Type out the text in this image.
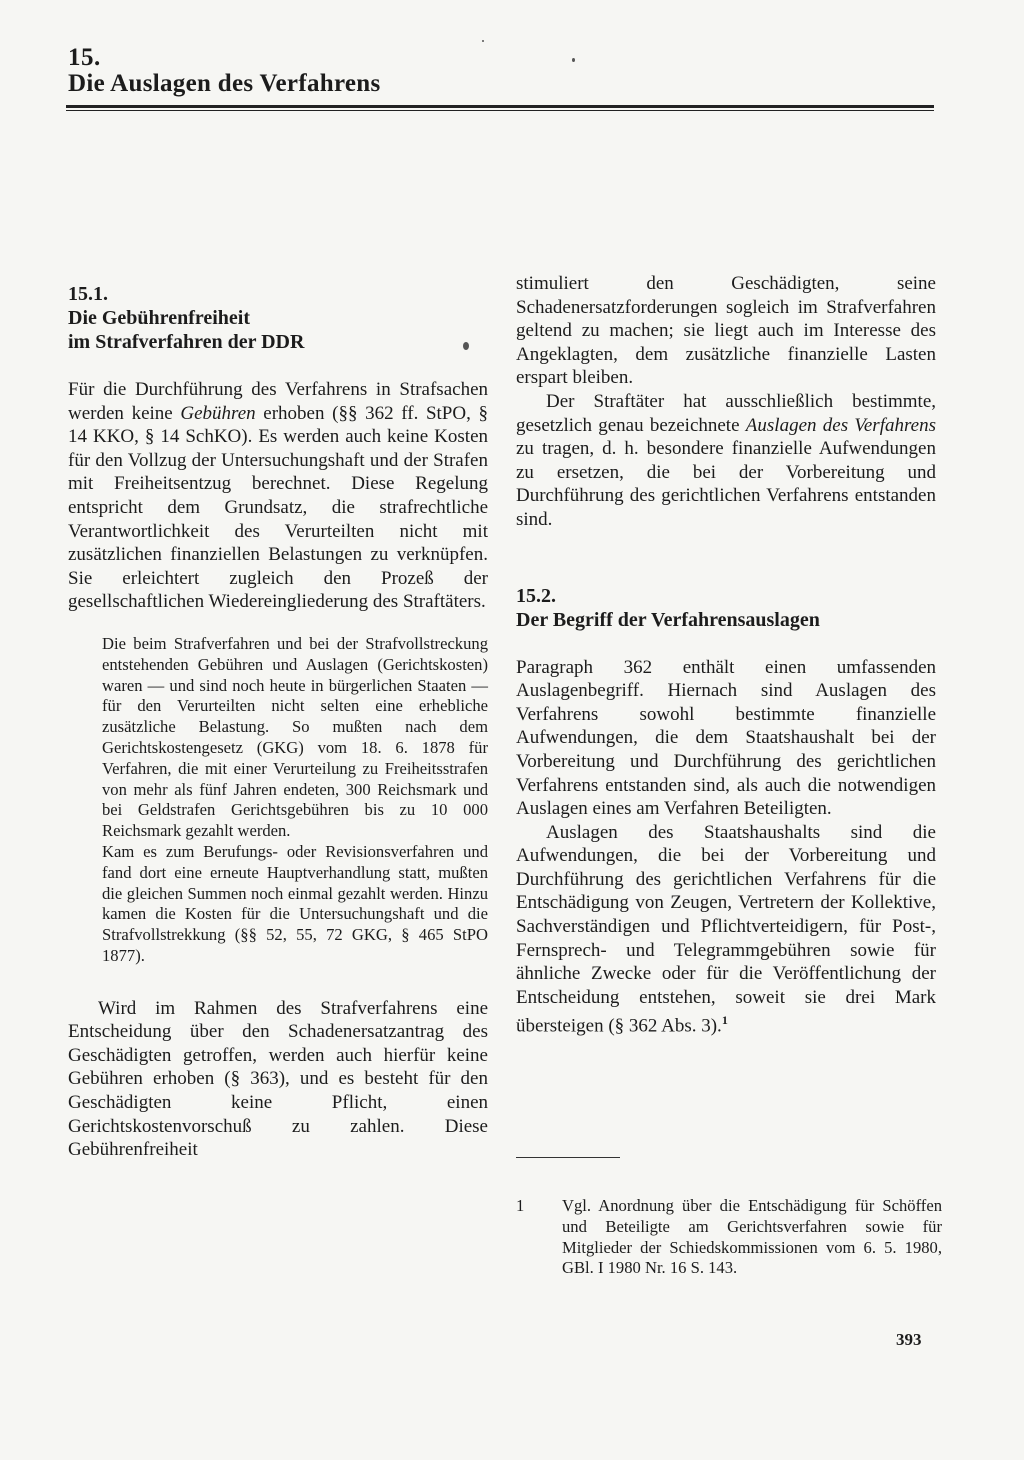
15.
Die Auslagen des Verfahrens

15.1.

Die Gebührenfreiheit

im Strafverfahren der DDR

Für die Durchführung des Verfahrens in Strafsachen werden keine Gebühren erhoben (§§ 362 ff. StPO, § 14 KKO, § 14 SchKO). Es werden auch keine Kosten für den Vollzug der Untersuchungshaft und der Strafen mit Freiheitsentzug berechnet. Diese Regelung entspricht dem Grundsatz, die strafrechtliche Verantwortlichkeit des Verurteilten nicht mit zusätzlichen finanziellen Belastungen zu verknüpfen. Sie erleichtert zugleich den Prozeß der gesellschaftlichen Wiedereingliederung des Straftäters.

Die beim Strafverfahren und bei der Strafvollstreckung entstehenden Gebühren und Auslagen (Gerichtskosten) waren — und sind noch heute in bürgerlichen Staaten — für den Verurteilten nicht selten eine erhebliche zusätzliche Belastung. So mußten nach dem Gerichtskostengesetz (GKG) vom 18. 6. 1878 für Verfahren, die mit einer Verurteilung zu Freiheitsstrafen von mehr als fünf Jahren endeten, 300 Reichsmark und bei Geldstrafen Gerichtsgebühren bis zu 10 000 Reichsmark gezahlt werden.

Kam es zum Berufungs- oder Revisionsverfahren und fand dort eine erneute Hauptverhandlung statt, mußten die gleichen Summen noch einmal gezahlt werden. Hinzu kamen die Kosten für die Untersuchungshaft und die Strafvollstrekkung (§§ 52, 55, 72 GKG, § 465 StPO 1877).

Wird im Rahmen des Strafverfahrens eine Entscheidung über den Schadenersatzantrag des Geschädigten getroffen, werden auch hierfür keine Gebühren erhoben (§ 363), und es besteht für den Geschädigten keine Pflicht, einen Gerichtskostenvorschuß zu zahlen. Diese Gebührenfreiheit

stimuliert den Geschädigten, seine Schadenersatzforderungen sogleich im Strafverfahren geltend zu machen; sie liegt auch im Interesse des Angeklagten, dem zusätzliche finanzielle Lasten erspart bleiben.

Der Straftäter hat ausschließlich bestimmte, gesetzlich genau bezeichnete Auslagen des Verfahrens zu tragen, d. h. besondere finanzielle Aufwendungen zu ersetzen, die bei der Vorbereitung und Durchführung des gerichtlichen Verfahrens entstanden sind.

15.2.

Der Begriff der Verfahrensauslagen

Paragraph 362 enthält einen umfassenden Auslagenbegriff. Hiernach sind Auslagen des Verfahrens sowohl bestimmte finanzielle Aufwendungen, die dem Staatshaushalt bei der Vorbereitung und Durchführung des gerichtlichen Verfahrens entstanden sind, als auch die notwendigen Auslagen eines am Verfahren Beteiligten.

Auslagen des Staatshaushalts sind die Aufwendungen, die bei der Vorbereitung und Durchführung des gerichtlichen Verfahrens für die Entschädigung von Zeugen, Vertretern der Kollektive, Sachverständigen und Pflichtverteidigern, für Post-, Fernsprech- und Telegrammgebühren sowie für ähnliche Zwecke oder für die Veröffentlichung der Entscheidung entstehen, soweit sie drei Mark übersteigen (§ 362 Abs. 3).$^1$

1 Vgl. Anordnung über die Entschädigung für Schöffen und Beteiligte am Gerichtsverfahren sowie für Mitglieder der Schiedskommissionen vom 6. 5. 1980, GBl. I 1980 Nr. 16 S. 143.
393
